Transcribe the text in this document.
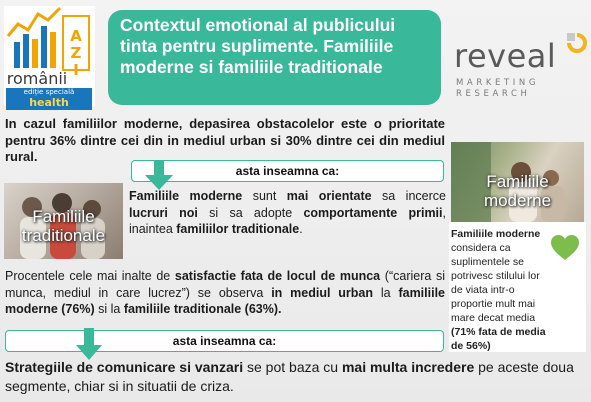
A
Z
I
românii
ediție specială
health
Contextul emotional al publicului tinta pentru suplimente. Familiile moderne si familiile traditionale	reveal
MARKETING RESEARCH

In cazul familiilor moderne, depasirea obstacolelor este o prioritate pentru 36% dintre cei din in mediul urban si 30% dintre cei din mediul rural.

asta inseamna ca:
Familiile traditionale

Familiile moderne sunt mai orientate sa incerce lucruri noi si sa adopte comportamente primii, inaintea familiilor traditionale.

Procentele cele mai inalte de satisfactie fata de locul de munca (“cariera si munca, mediul in care lucrez”) se observa in mediul urban la familiile moderne (76%) si la familiile traditionale (63%).

asta inseamna ca:

Strategiile de comunicare si vanzari se pot baza cu mai multa incredere pe aceste doua segmente, chiar si in situatii de criza.

Familiile moderne

Familiile moderne considera ca suplimentele se potrivesc stilului lor de viata intr-o proportie mult mai mare decat media (71% fata de media de 56%)
